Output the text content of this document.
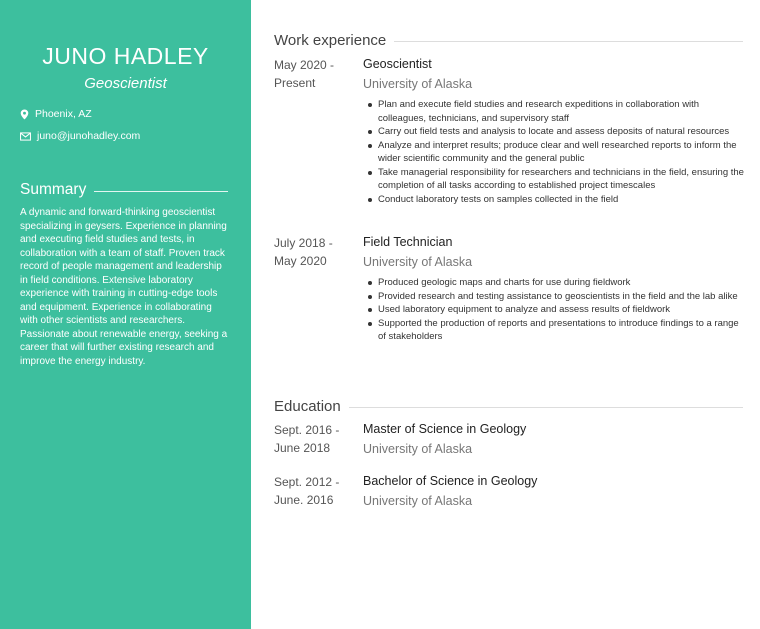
JUNO HADLEY
Geoscientist
Phoenix, AZ
juno@junohadley.com
Summary
A dynamic and forward-thinking geoscientist specializing in geysers. Experience in planning and executing field studies and tests, in collaboration with a team of staff. Proven track record of people management and leadership in field conditions. Extensive laboratory experience with training in cutting-edge tools and equipment. Experience in collaborating with other scientists and researchers. Passionate about renewable energy, seeking a career that will further existing research and improve the energy industry.
Work experience
May 2020 -
Present
Geoscientist
University of Alaska
Plan and execute field studies and research expeditions in collaboration with colleagues, technicians, and supervisory staff
Carry out field tests and analysis to locate and assess deposits of natural resources
Analyze and interpret results; produce clear and well researched reports to inform the wider scientific community and the general public
Take managerial responsibility for researchers and technicians in the field, ensuring the completion of all tasks according to established project timescales
Conduct laboratory tests on samples collected in the field
July 2018 -
May 2020
Field Technician
University of Alaska
Produced geologic maps and charts for use during fieldwork
Provided research and testing assistance to geoscientists in the field and the lab alike
Used laboratory equipment to analyze and assess results of fieldwork
Supported the production of reports and presentations to introduce findings to a range of stakeholders
Education
Sept. 2016 -
June 2018
Master of Science in Geology
University of Alaska
Sept. 2012 -
June. 2016
Bachelor of Science in Geology
University of Alaska
